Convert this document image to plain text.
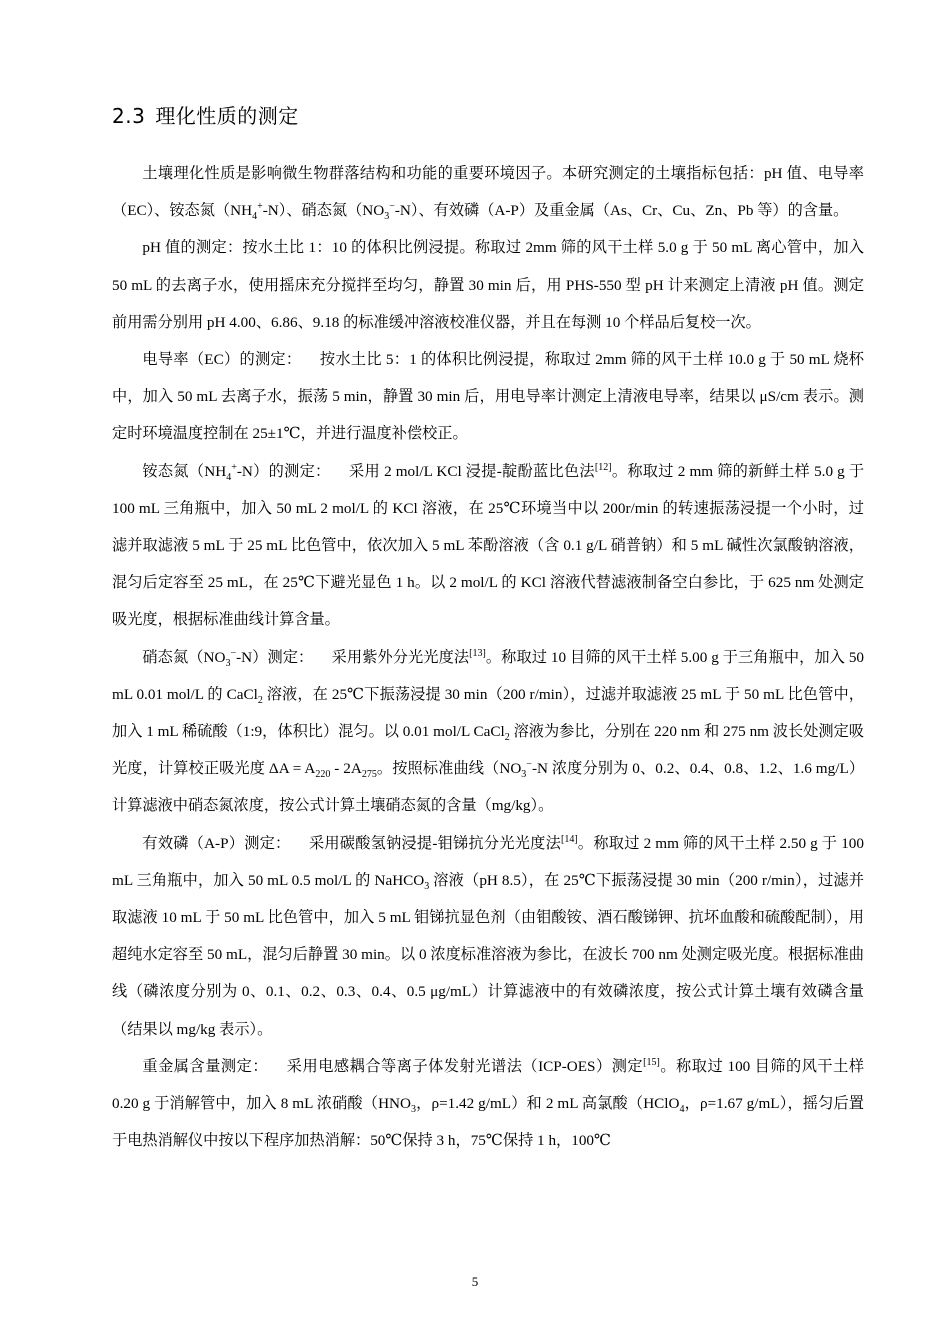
2.3 理化性质的测定

土壤理化性质是影响微生物群落结构和功能的重要环境因子。本研究测定的土壤指标包括：pH 值、电导率（EC）、铵态氮$(NH_4^+-N)$、硝态氮$(NO_3^--N)$、有效磷（A-P）及重金属（As、Cr、Cu、Zn、Pb 等）的含量。

pH 值的测定：按水土比 1：10 的体积比例浸提。称取过 2mm 筛的风干土样 5.0 g 于 50 mL 离心管中，加入 50 mL 的去离子水，使用摇床充分搅拌至均匀，静置 30 min 后，用 PHS-550 型 pH 计来测定上清液 pH 值。测定前用需分别用 pH 4.00、6.86、9.18 的标准缓冲溶液校准仪器，并且在每测 10 个样品后复校一次。

电导率（EC）的测定： 按水土比 5：1 的体积比例浸提，称取过 2mm 筛的风干土样 10.0 g 于 50 mL 烧杯中，加入 50 mL 去离子水，振荡 5 min，静置 30 min 后，用电导率计测定上清液电导率，结果以 μS/cm 表示。测定时环境温度控制在 25±1℃，并进行温度补偿校正。

铵态氮$(NH_4^+-N)$的测定： 采用 2 mol/L KCl 浸提-靛酚蓝比色法[12]。称取过 2 mm 筛的新鲜土样 5.0 g 于 100 mL 三角瓶中，加入 50 mL 2 mol/L 的 KCl 溶液，在 25℃环境当中以 200r/min 的转速振荡浸提一个小时，过滤并取滤液 5 mL 于 25 mL 比色管中，依次加入 5 mL 苯酚溶液（含 0.1 g/L 硝普钠）和 5 mL 碱性次氯酸钠溶液，混匀后定容至 25 mL，在 25℃下避光显色 1 h。以 2 mol/L 的 KCl 溶液代替滤液制备空白参比，于 625 nm 处测定吸光度，根据标准曲线计算含量。

硝态氮$(NO_3^--N)$测定： 采用紫外分光光度法[13]。称取过 10 目筛的风干土样 5.00 g 于三角瓶中，加入 50 mL 0.01 mol/L 的 CaCl$_2$ 溶液，在 25℃下振荡浸提 30 min（200 r/min），过滤并取滤液 25 mL 于 50 mL 比色管中，加入 1 mL 稀硫酸（1:9，体积比）混匀。以 0.01 mol/L CaCl$_2$ 溶液为参比，分别在 220 nm 和 275 nm 波长处测定吸光度，计算校正吸光度 $\Delta A = A_{220} - 2A_{275}$。按照标准曲线（$NO_3^--N$ 浓度分别为 0、0.2、0.4、0.8、1.2、1.6 mg/L）计算滤液中硝态氮浓度，按公式计算土壤硝态氮的含量（mg/kg）。

有效磷（A-P）测定： 采用碳酸氢钠浸提-钼锑抗分光光度法[14]。称取过 2 mm 筛的风干土样 2.50 g 于 100 mL 三角瓶中，加入 50 mL 0.5 mol/L 的 NaHCO$_3$ 溶液（pH 8.5），在 25℃下振荡浸提 30 min（200 r/min），过滤并取滤液 10 mL 于 50 mL 比色管中，加入 5 mL 钼锑抗显色剂（由钼酸铵、酒石酸锑钾、抗坏血酸和硫酸配制），用超纯水定容至 50 mL，混匀后静置 30 min。以 0 浓度标准溶液为参比，在波长 700 nm 处测定吸光度。根据标准曲线（磷浓度分别为 0、0.1、0.2、0.3、0.4、0.5 μg/mL）计算滤液中的有效磷浓度，按公式计算土壤有效磷含量（结果以 mg/kg 表示）。

重金属含量测定： 采用电感耦合等离子体发射光谱法（ICP-OES）测定[15]。称取过 100 目筛的风干土样 0.20 g 于消解管中，加入 8 mL 浓硝酸（$HNO_3$，ρ=1.42 g/mL）和 2 mL 高氯酸（HClO$_4$，ρ=1.67 g/mL），摇匀后置于电热消解仪中按以下程序加热消解：50℃保持 3 h，75℃保持 1 h，100℃

5
